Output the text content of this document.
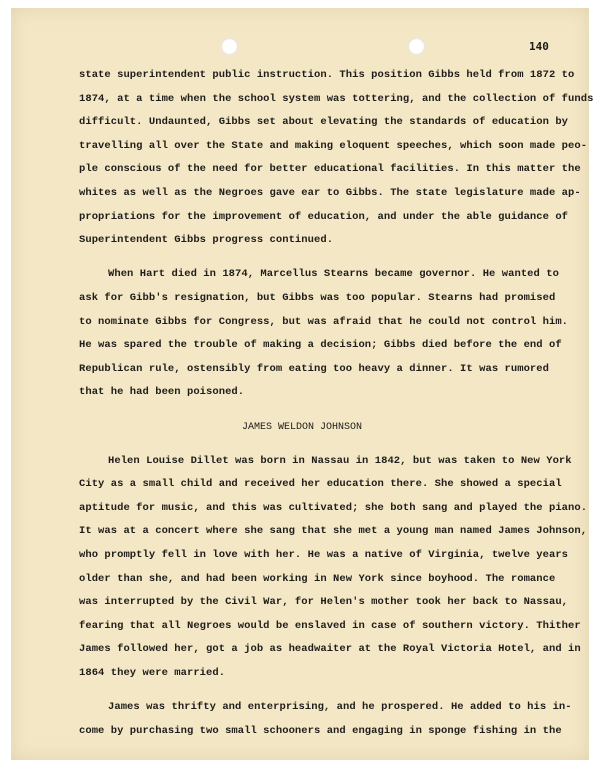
140
state superintendent public instruction. This position Gibbs held from 1872 to
1874, at a time when the school system was tottering, and the collection of funds
difficult. Undaunted, Gibbs set about elevating the standards of education by
travelling all over the State and making eloquent speeches, which soon made peo-
ple conscious of the need for better educational facilities. In this matter the
whites as well as the Negroes gave ear to Gibbs. The state legislature made ap-
propriations for the improvement of education, and under the able guidance of
Superintendent Gibbs progress continued.
When Hart died in 1874, Marcellus Stearns became governor. He wanted to
ask for Gibb's resignation, but Gibbs was too popular. Stearns had promised
to nominate Gibbs for Congress, but was afraid that he could not control him.
He was spared the trouble of making a decision; Gibbs died before the end of
Republican rule, ostensibly from eating too heavy a dinner. It was rumored
that he had been poisoned.
JAMES WELDON JOHNSON
Helen Louise Dillet was born in Nassau in 1842, but was taken to New York
City as a small child and received her education there. She showed a special
aptitude for music, and this was cultivated; she both sang and played the piano.
It was at a concert where she sang that she met a young man named James Johnson,
who promptly fell in love with her. He was a native of Virginia, twelve years
older than she, and had been working in New York since boyhood. The romance
was interrupted by the Civil War, for Helen's mother took her back to Nassau,
fearing that all Negroes would be enslaved in case of southern victory. Thither
James followed her, got a job as headwaiter at the Royal Victoria Hotel, and in
1864 they were married.
James was thrifty and enterprising, and he prospered. He added to his in-
come by purchasing two small schooners and engaging in sponge fishing in the
